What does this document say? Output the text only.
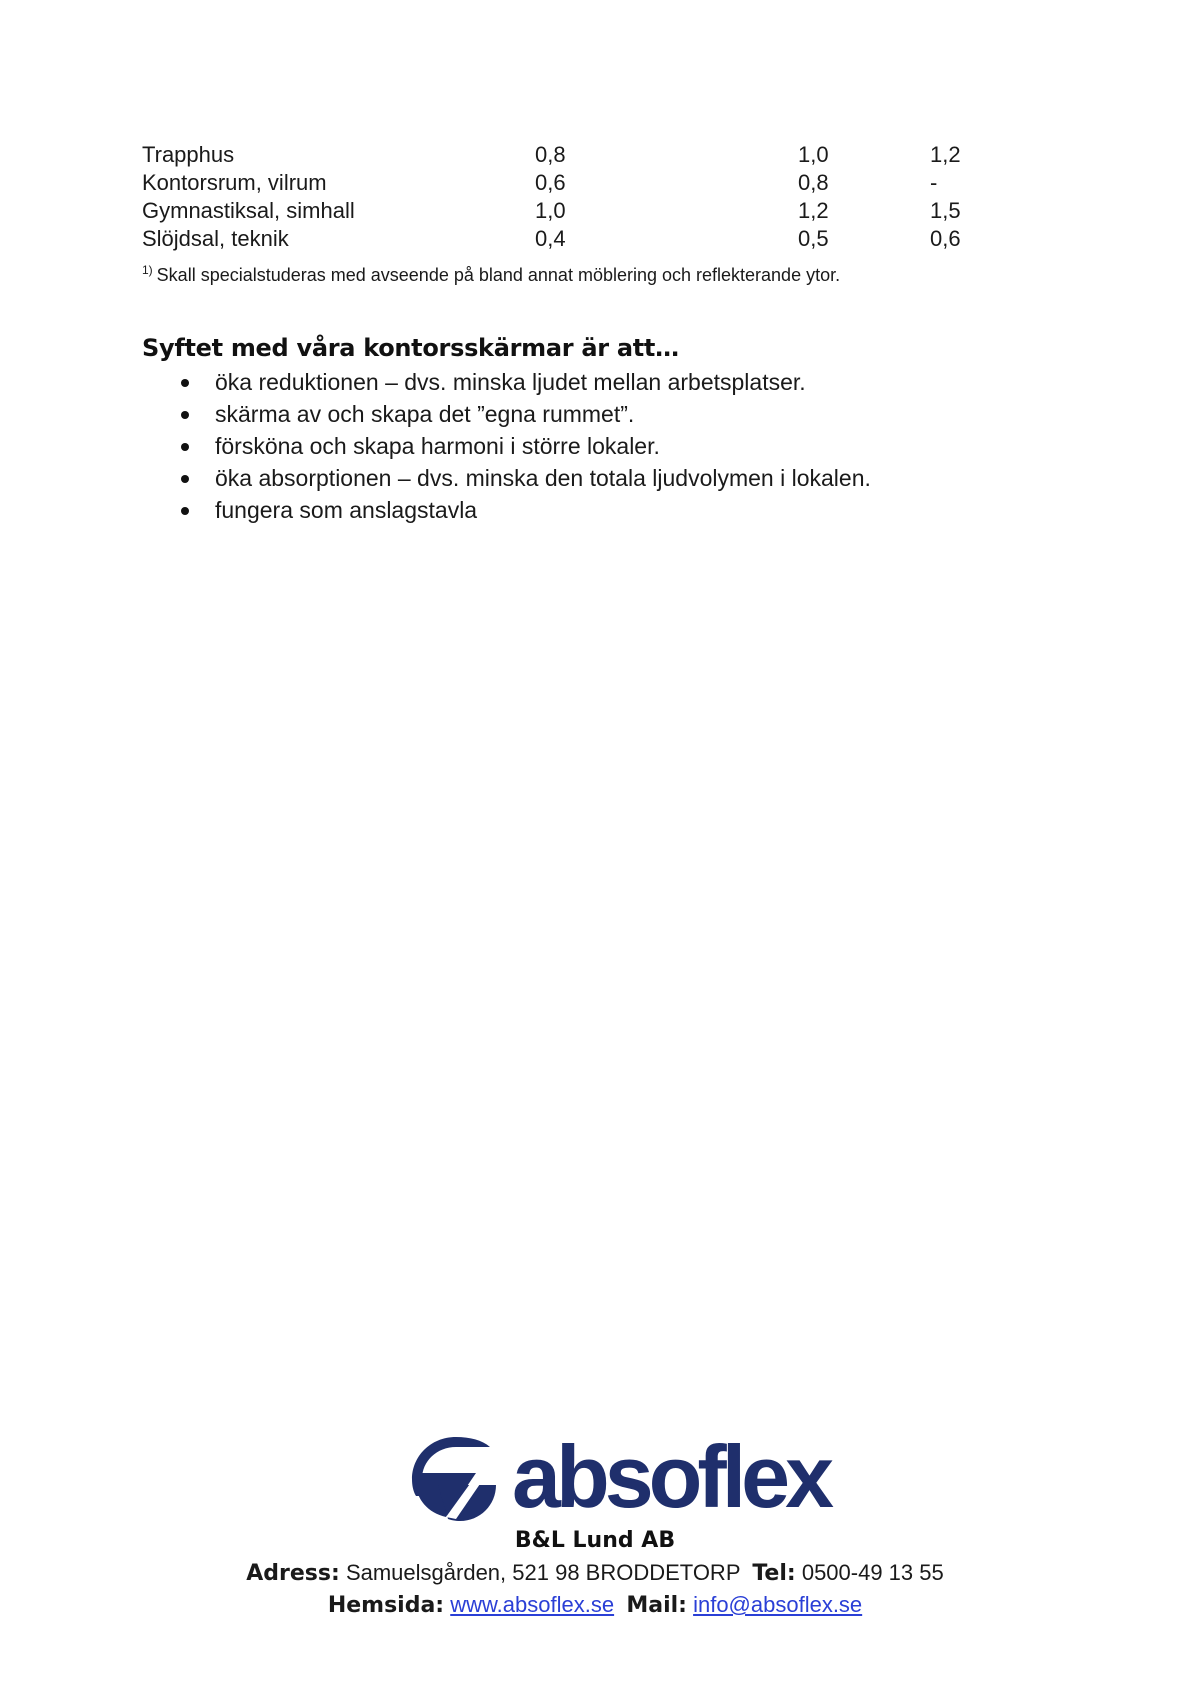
Trapphus	0,8	1,0	1,2
Kontorsrum, vilrum	0,6	0,8	-
Gymnastiksal, simhall	1,0	1,2	1,5
Slöjdsal, teknik	0,4	0,5	0,6
$^{1)}$ Skall specialstuderas med avseende på bland annat möblering och reflekterande ytor.
Syftet med våra kontorsskärmar är att…
öka reduktionen – dvs. minska ljudet mellan arbetsplatser.
skärma av och skapa det ”egna rummet”.
försköna och skapa harmoni i större lokaler.
öka absorptionen – dvs. minska den totala ljudvolymen i lokalen.
fungera som anslagstavla
absoflex
B&L Lund AB
Adress: Samuelsgården, 521 98 BRODDETORP Tel: 0500-49 13 55
Hemsida: www.absoflex.se Mail: info@absoflex.se
